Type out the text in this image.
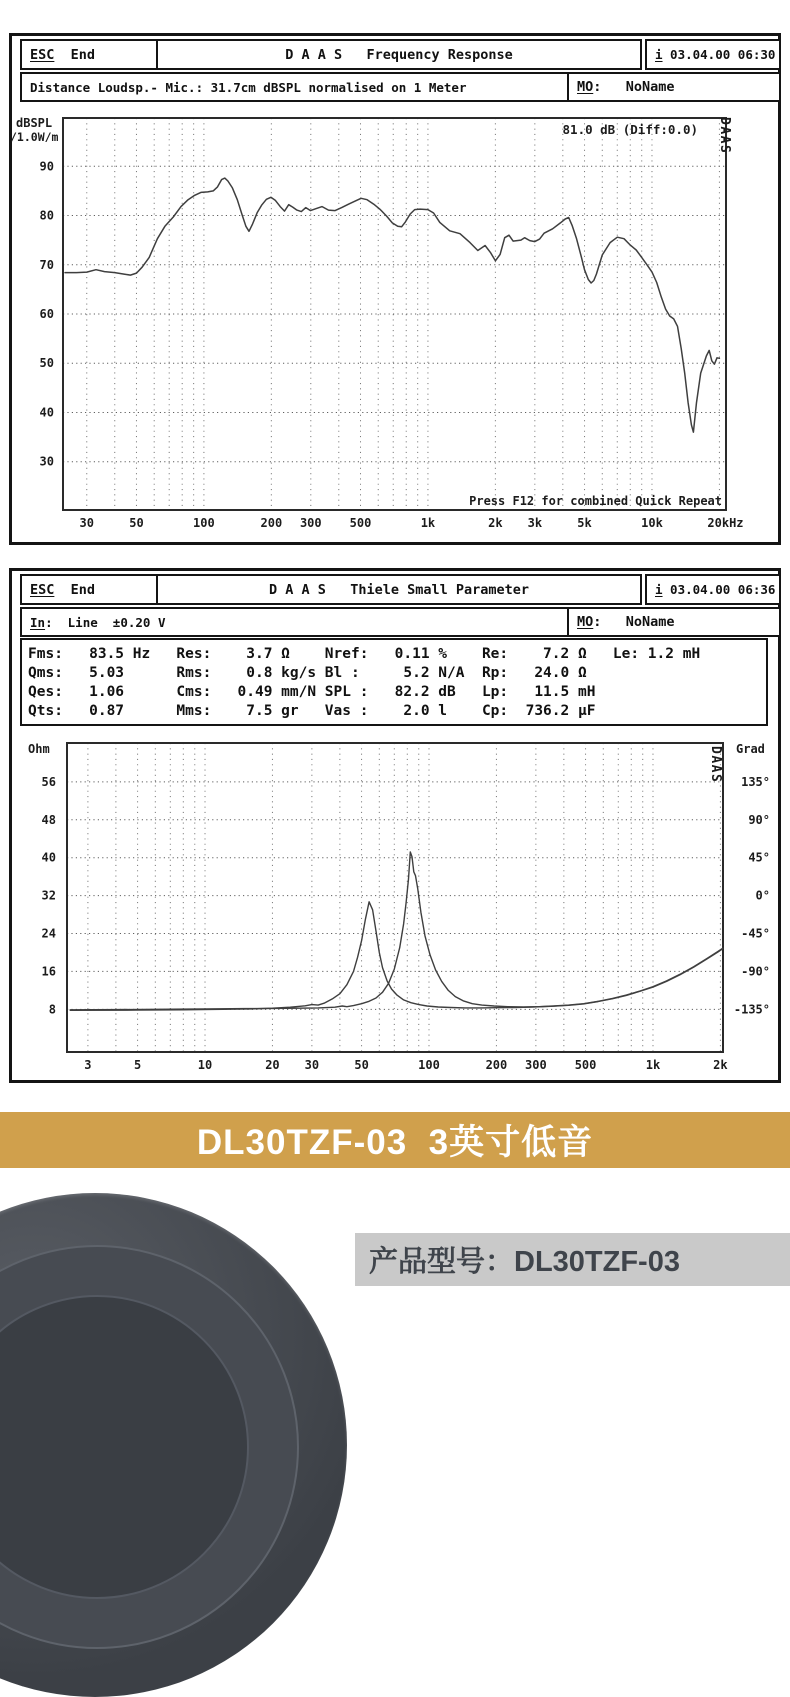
ESC End	D A A S   Frequency Response	i 03.04.00 06:30
Distance Loudsp.- Mic.: 31.7cm dBSPL normalised on 1 Meter	MO :   NoName
90
80
70
60
50
40
30
30	50	100	200 300 500	1k	2k 3k	5k	10k	20kHz
dBSPL
/1.0W/m	81.0 dB (Diff:0.0)
Press F12 for combined Quick Repeat
DAAS
ESC End	D A A S   Thiele Small Parameter	i 03.04.00 06:36
In :  Line  ±0.20 V	MO :   NoName
Fms:   83.5 Hz   Res:    3.7 Ω    Nref:   0.11 %    Re:    7.2 Ω   Le: 1.2 mH
Qms:   5.03      Rms:    0.8 kg/s Bl :     5.2 N/A  Rp:   24.0 Ω
Qes:   1.06      Cms:   0.49 mm/N SPL :   82.2 dB   Lp:   11.5 mH
Qts:   0.87      Mms:    7.5 gr   Vas :    2.0 l    Cp:  736.2 µF
56	135°
48	90°
40	45°
32	0°
24	-45°
16	-90°
8	-135°
3	5	10	20 30	50	100	200 300 500	1k	2k
Ohm	Grad
DAAS
DL30TZF-03  3英寸低音
产品型号：DL30TZF-03
